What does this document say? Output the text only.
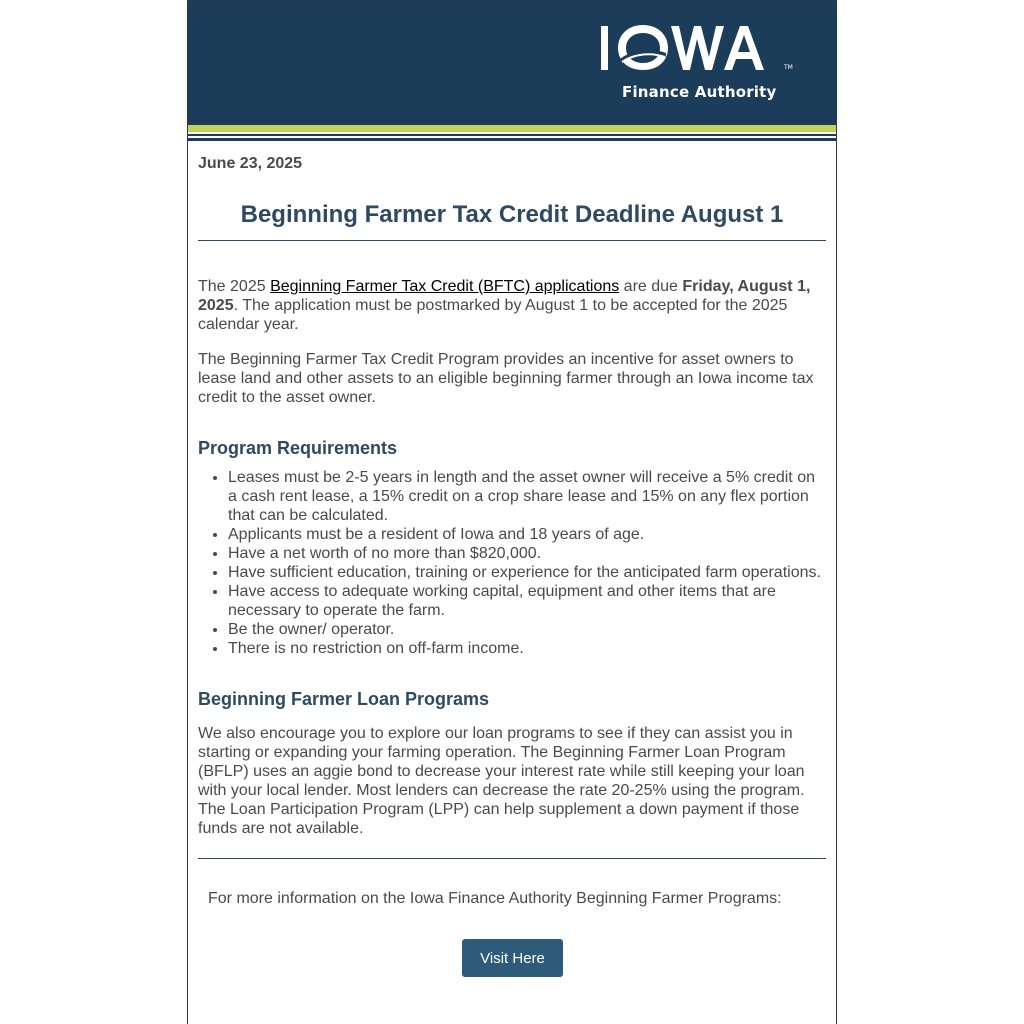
TM
Finance Authority
June 23, 2025
Beginning Farmer Tax Credit Deadline August 1

The 2025 Beginning Farmer Tax Credit (BFTC) applications are due Friday, August 1, 2025. The application must be postmarked by August 1 to be accepted for the 2025 calendar year.

The Beginning Farmer Tax Credit Program provides an incentive for asset owners to lease land and other assets to an eligible beginning farmer through an Iowa income tax credit to the asset owner.

Program Requirements
• Leases must be 2-5 years in length and the asset owner will receive a 5% credit on a cash rent lease, a 15% credit on a crop share lease and 15% on any flex portion that can be calculated.
• Applicants must be a resident of Iowa and 18 years of age.
• Have a net worth of no more than $820,000.
• Have sufficient education, training or experience for the anticipated farm operations.
• Have access to adequate working capital, equipment and other items that are necessary to operate the farm.
• Be the owner/ operator.
• There is no restriction on off-farm income.
Beginning Farmer Loan Programs

We also encourage you to explore our loan programs to see if they can assist you in starting or expanding your farming operation. The Beginning Farmer Loan Program (BFLP) uses an aggie bond to decrease your interest rate while still keeping your loan with your local lender. Most lenders can decrease the rate 20-25% using the program. The Loan Participation Program (LPP) can help supplement a down payment if those funds are not available.

For more information on the Iowa Finance Authority Beginning Farmer Programs:
Visit Here
